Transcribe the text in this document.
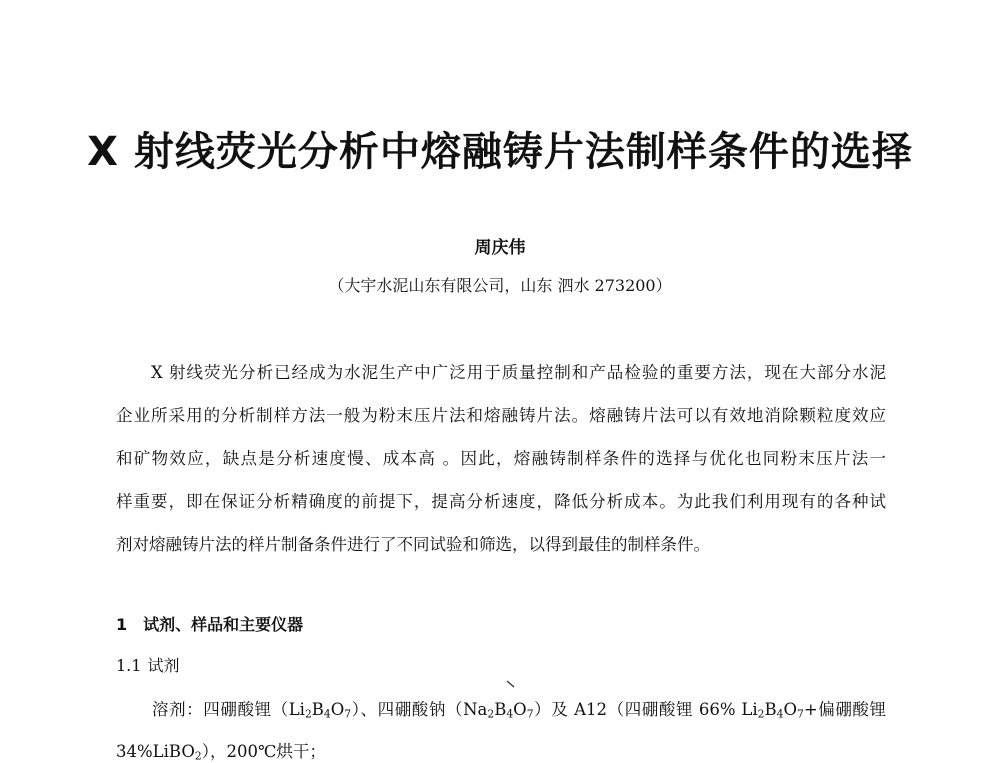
X 射线荧光分析中熔融铸片法制样条件的选择
周庆伟
（大宇水泥山东有限公司，山东 泗水 273200）
X 射线荧光分析已经成为水泥生产中广泛用于质量控制和产品检验的重要方法，现在大部分水泥
企业所采用的分析制样方法一般为粉末压片法和熔融铸片法。熔融铸片法可以有效地消除颗粒度效应
和矿物效应，缺点是分析速度慢、成本高 。因此，熔融铸制样条件的选择与优化也同粉末压片法一
样重要，即在保证分析精确度的前提下，提高分析速度，降低分析成本。为此我们利用现有的各种试
剂对熔融铸片法的样片制备条件进行了不同试验和筛选，以得到最佳的制样条件。
1 试剂、样品和主要仪器
1.1 试剂
溶剂：四硼酸锂$(Li_2B_4O_7)$、四硼酸钠$(Na_2B_4O_7)$及 A12（四硼酸锂 66% $Li_2B_4O_7+$偏硼酸锂
34%LiBO$_2$），200℃烘干；
